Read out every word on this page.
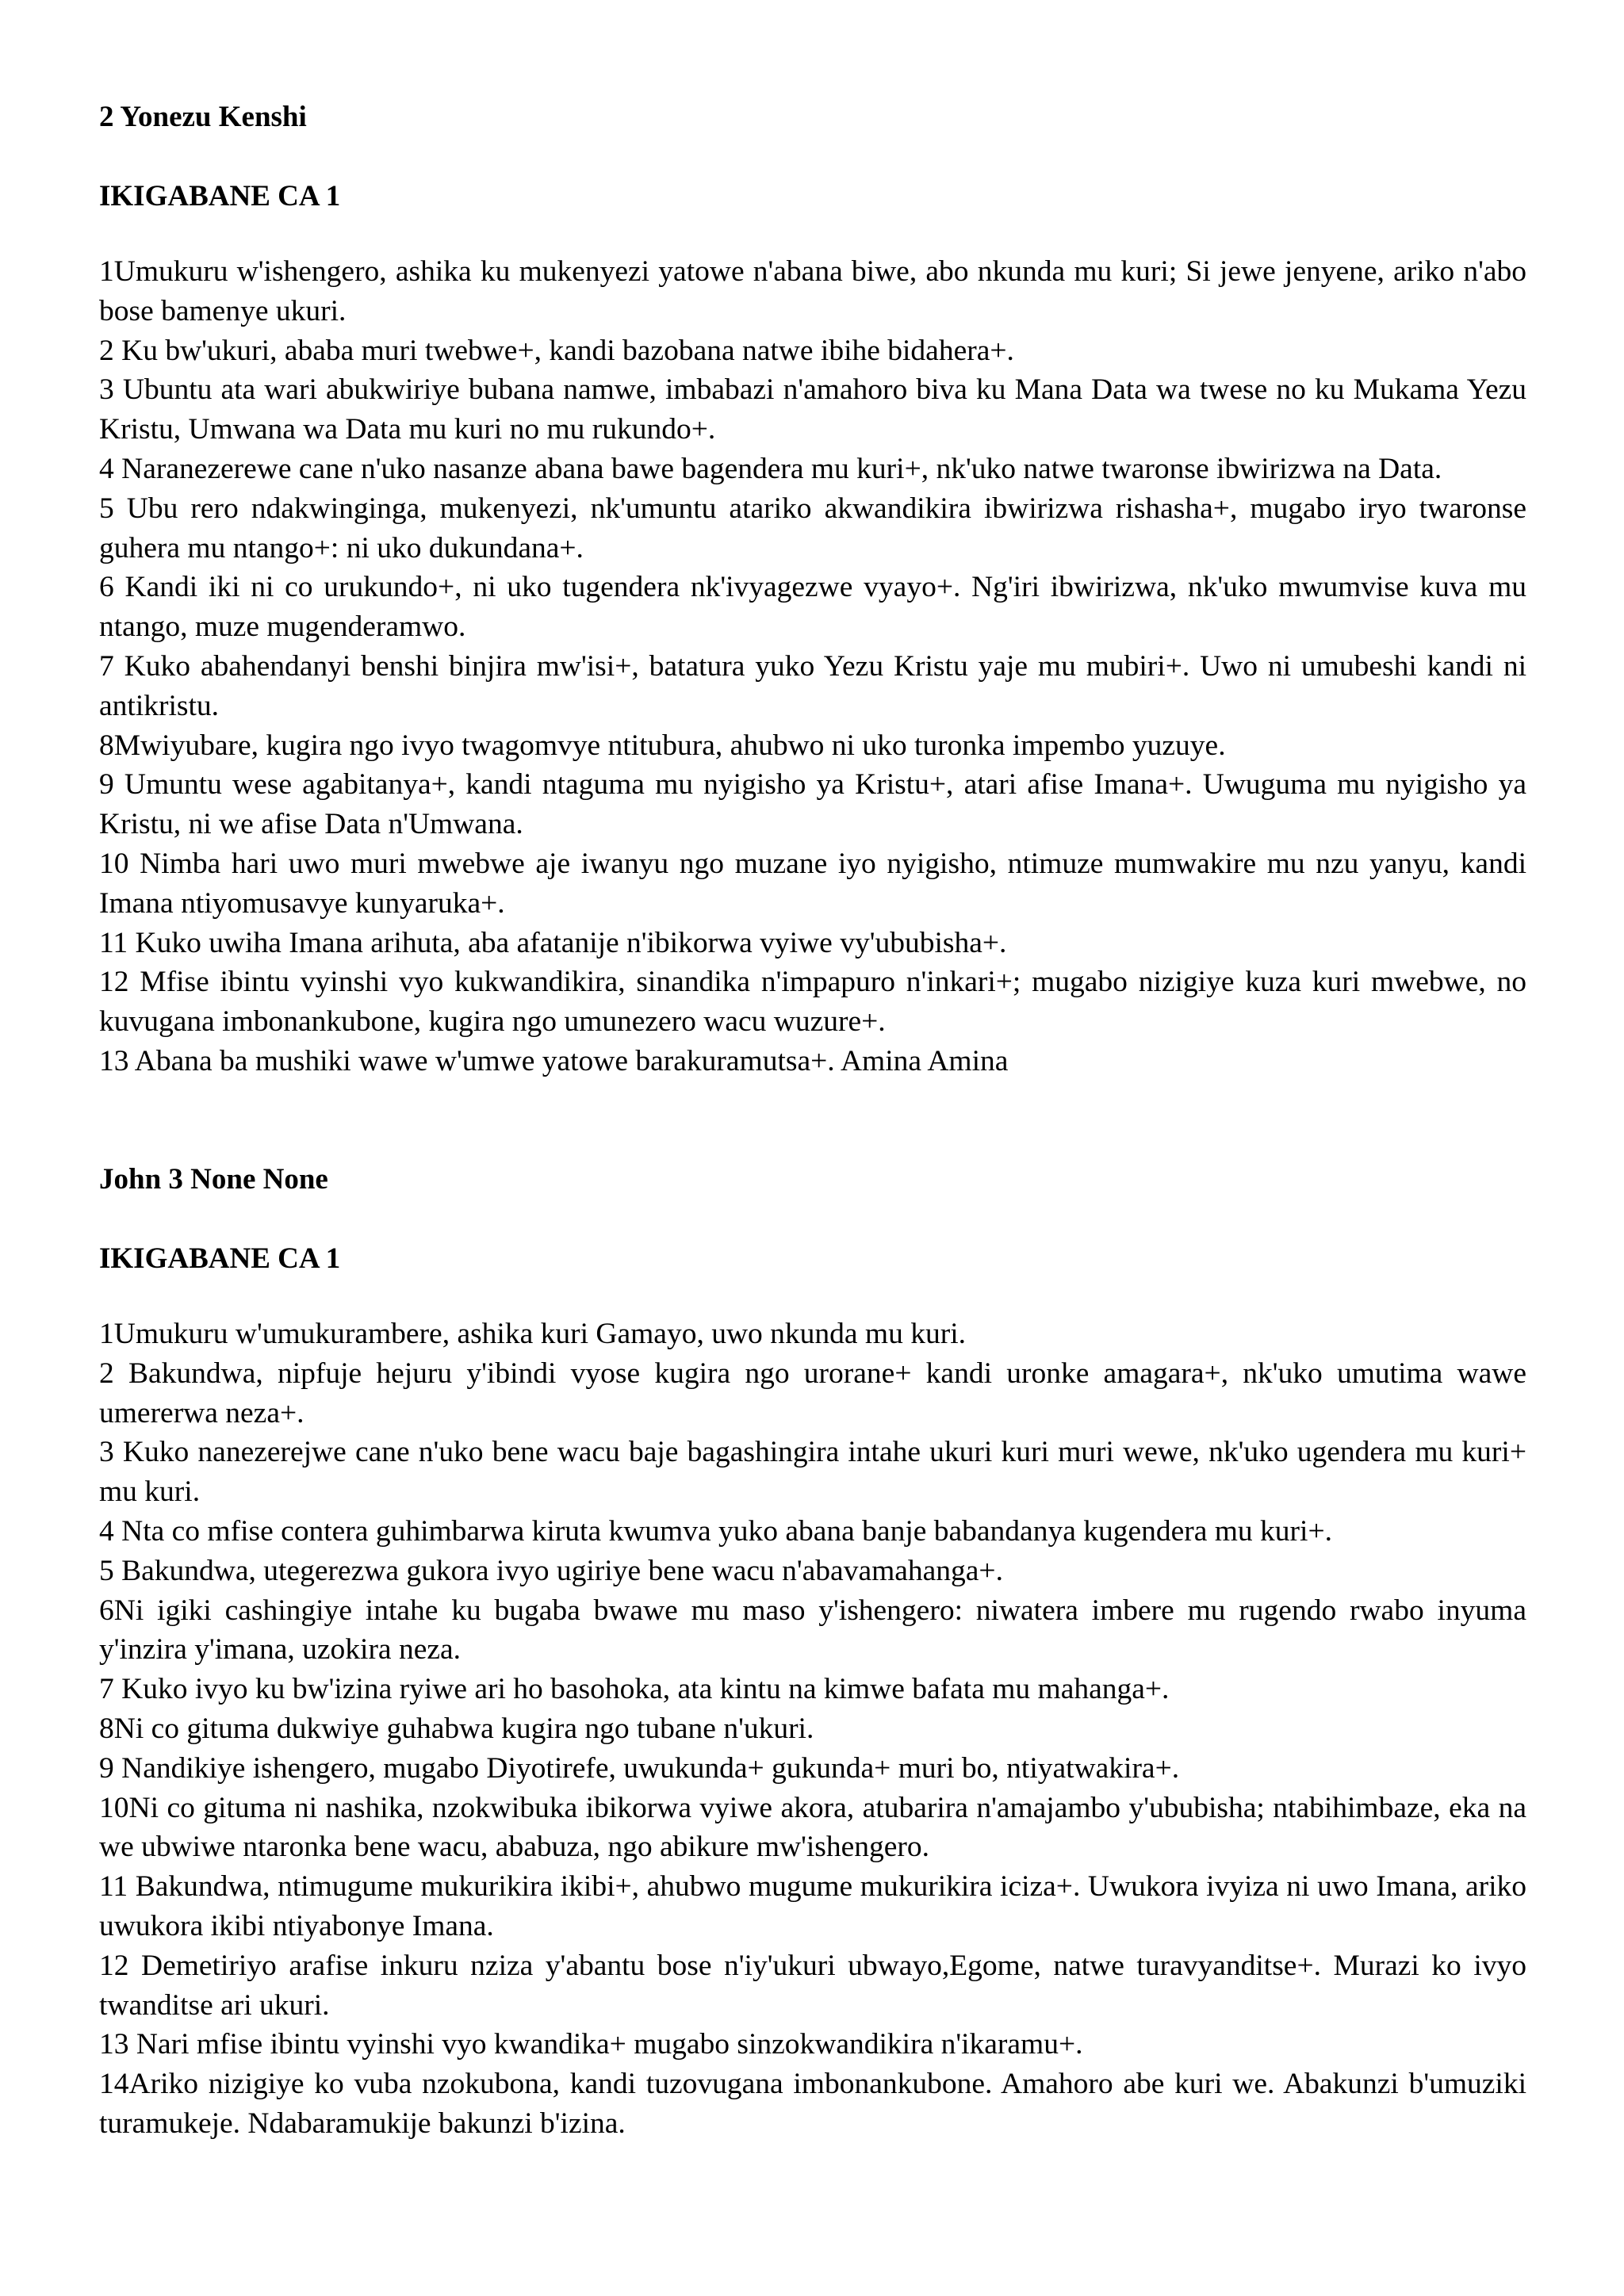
2 Yonezu Kenshi
IKIGABANE CA 1

1Umukuru w'ishengero, ashika ku mukenyezi yatowe n'abana biwe, abo nkunda mu kuri; Si jewe jenyene, ariko n'abo bose bamenye ukuri.

2 Ku bw'ukuri, ababa muri twebwe+, kandi bazobana natwe ibihe bidahera+.

3 Ubuntu ata wari abukwiriye bubana namwe, imbabazi n'amahoro biva ku Mana Data wa twese no ku Mukama Yezu Kristu, Umwana wa Data mu kuri no mu rukundo+.

4 Naranezerewe cane n'uko nasanze abana bawe bagendera mu kuri+, nk'uko natwe twaronse ibwirizwa na Data.

5 Ubu rero ndakwinginga, mukenyezi, nk'umuntu atariko akwandikira ibwirizwa rishasha+, mugabo iryo twaronse guhera mu ntango+: ni uko dukundana+.

6 Kandi iki ni co urukundo+, ni uko tugendera nk'ivyagezwe vyayo+. Ng'iri ibwirizwa, nk'uko mwumvise kuva mu ntango, muze mugenderamwo.

7 Kuko abahendanyi benshi binjira mw'isi+, batatura yuko Yezu Kristu yaje mu mubiri+. Uwo ni umubeshi kandi ni antikristu.

8Mwiyubare, kugira ngo ivyo twagomvye ntitubura, ahubwo ni uko turonka impembo yuzuye.

9 Umuntu wese agabitanya+, kandi ntaguma mu nyigisho ya Kristu+, atari afise Imana+. Uwuguma mu nyigisho ya Kristu, ni we afise Data n'Umwana.

10 Nimba hari uwo muri mwebwe aje iwanyu ngo muzane iyo nyigisho, ntimuze mumwakire mu nzu yanyu, kandi Imana ntiyomusavye kunyaruka+.

11 Kuko uwiha Imana arihuta, aba afatanije n'ibikorwa vyiwe vy'ububisha+.

12 Mfise ibintu vyinshi vyo kukwandikira, sinandika n'impapuro n'inkari+; mugabo nizigiye kuza kuri mwebwe, no kuvugana imbonankubone, kugira ngo umunezero wacu wuzure+.

13 Abana ba mushiki wawe w'umwe yatowe barakuramutsa+. Amina Amina

John 3 None None
IKIGABANE CA 1

1Umukuru w'umukurambere, ashika kuri Gamayo, uwo nkunda mu kuri.

2 Bakundwa, nipfuje hejuru y'ibindi vyose kugira ngo urorane+ kandi uronke amagara+, nk'uko umutima wawe umererwa neza+.

3 Kuko nanezerejwe cane n'uko bene wacu baje bagashingira intahe ukuri kuri muri wewe, nk'uko ugendera mu kuri+ mu kuri.

4 Nta co mfise contera guhimbarwa kiruta kwumva yuko abana banje babandanya kugendera mu kuri+.

5 Bakundwa, utegerezwa gukora ivyo ugiriye bene wacu n'abavamahanga+.

6Ni igiki cashingiye intahe ku bugaba bwawe mu maso y'ishengero: niwatera imbere mu rugendo rwabo inyuma y'inzira y'imana, uzokira neza.

7 Kuko ivyo ku bw'izina ryiwe ari ho basohoka, ata kintu na kimwe bafata mu mahanga+.

8Ni co gituma dukwiye guhabwa kugira ngo tubane n'ukuri.

9 Nandikiye ishengero, mugabo Diyotirefe, uwukunda+ gukunda+ muri bo, ntiyatwakira+.

10Ni co gituma ni nashika, nzokwibuka ibikorwa vyiwe akora, atubarira n'amajambo y'ububisha; ntabihimbaze, eka na we ubwiwe ntaronka bene wacu, ababuza, ngo abikure mw'ishengero.

11 Bakundwa, ntimugume mukurikira ikibi+, ahubwo mugume mukurikira iciza+. Uwukora ivyiza ni uwo Imana, ariko uwukora ikibi ntiyabonye Imana.

12 Demetiriyo arafise inkuru nziza y'abantu bose n'iy'ukuri ubwayo,Egome, natwe turavyanditse+. Murazi ko ivyo twanditse ari ukuri.

13 Nari mfise ibintu vyinshi vyo kwandika+ mugabo sinzokwandikira n'ikaramu+.

14Ariko nizigiye ko vuba nzokubona, kandi tuzovugana imbonankubone. Amahoro abe kuri we. Abakunzi b'umuziki turamukeje. Ndabaramukije bakunzi b'izina.
